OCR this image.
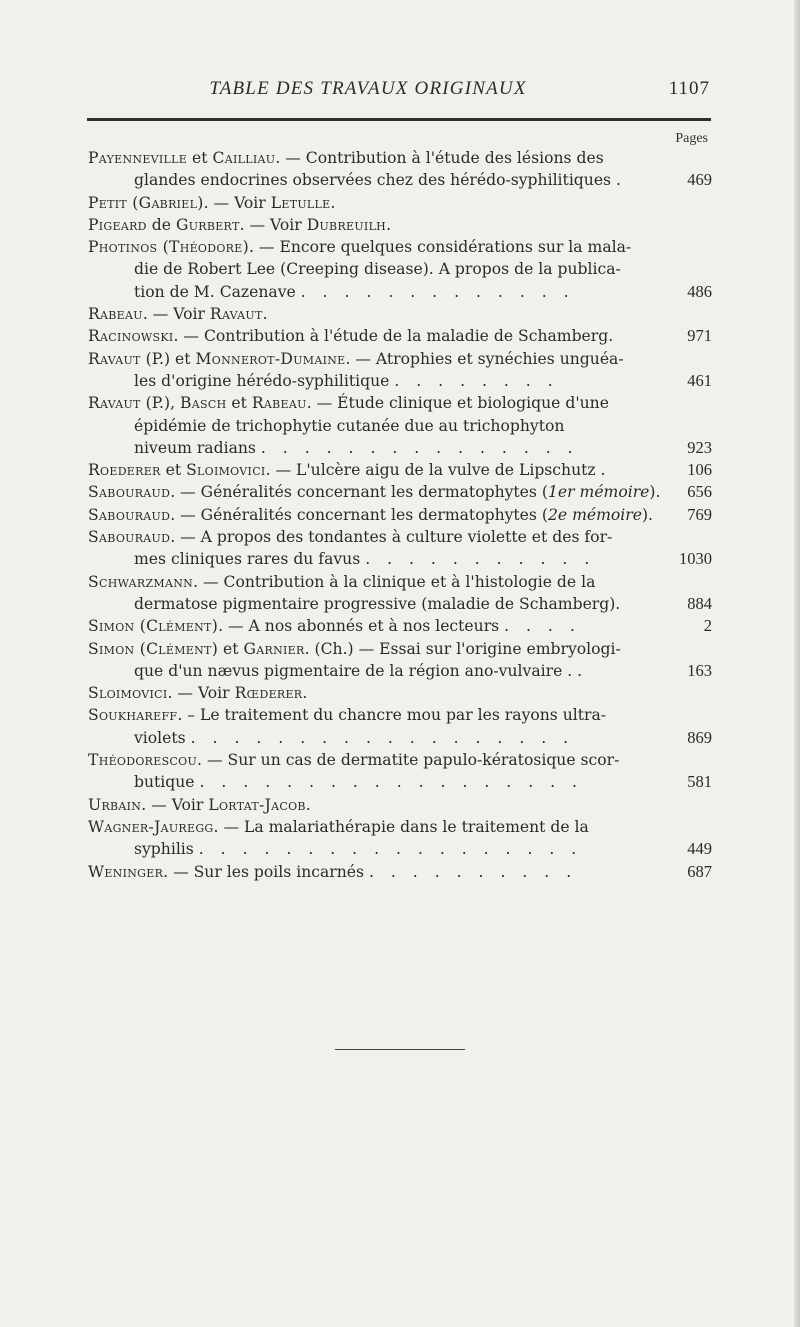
TABLE DES TRAVAUX ORIGINAUX	1107
Pages
Payenneville et Cailliau. — Contribution à l'étude des lésions des
glandes endocrines observées chez des hérédo-syphilitiques .	469
Petit (Gabriel). — Voir Letulle.
Pigeard de Gurbert. — Voir Dubreuilh.
Photinos (Théodore). — Encore quelques considérations sur la mala-
die de Robert Lee (Creeping disease). A propos de la publica-
tion de M. Cazenave . . . . . . . . . . . . .	486
Rabeau. — Voir Ravaut.
Racinowski. — Contribution à l'étude de la maladie de Schamberg.	971
Ravaut (P.) et Monnerot-Dumaine. — Atrophies et synéchies unguéa-
les d'origine hérédo-syphilitique . . . . . . . .	461
Ravaut (P.), Basch et Rabeau. — Étude clinique et biologique d'une
épidémie de trichophytie cutanée due au trichophyton
niveum radians . . . . . . . . . . . . . . .	923
Roederer et Sloimovici. — L'ulcère aigu de la vulve de Lipschutz .	106
Sabouraud. — Généralités concernant les dermatophytes (1er mémoire).	656
Sabouraud. — Généralités concernant les dermatophytes (2e mémoire).	769
Sabouraud. — A propos des tondantes à culture violette et des for-
mes cliniques rares du favus . . . . . . . . . . .	1030
Schwarzmann. — Contribution à la clinique et à l'histologie de la
dermatose pigmentaire progressive (maladie de Schamberg).	884
Simon (Clément). — A nos abonnés et à nos lecteurs . . . .	2
Simon (Clément) et Garnier. (Ch.) — Essai sur l'origine embryologi-
que d'un nævus pigmentaire de la région ano-vulvaire . .	163
Sloimovici. — Voir Rœderer.
Soukhareff. – Le traitement du chancre mou par les rayons ultra-
violets . . . . . . . . . . . . . . . . . .	869
Théodorescou. — Sur un cas de dermatite papulo-kératosique scor-
butique . . . . . . . . . . . . . . . . . .	581
Urbain. — Voir Lortat-Jacob.
Wagner-Jauregg. — La malariathérapie dans le traitement de la
syphilis . . . . . . . . . . . . . . . . . .	449
Weninger. — Sur les poils incarnés . . . . . . . . . .	687
